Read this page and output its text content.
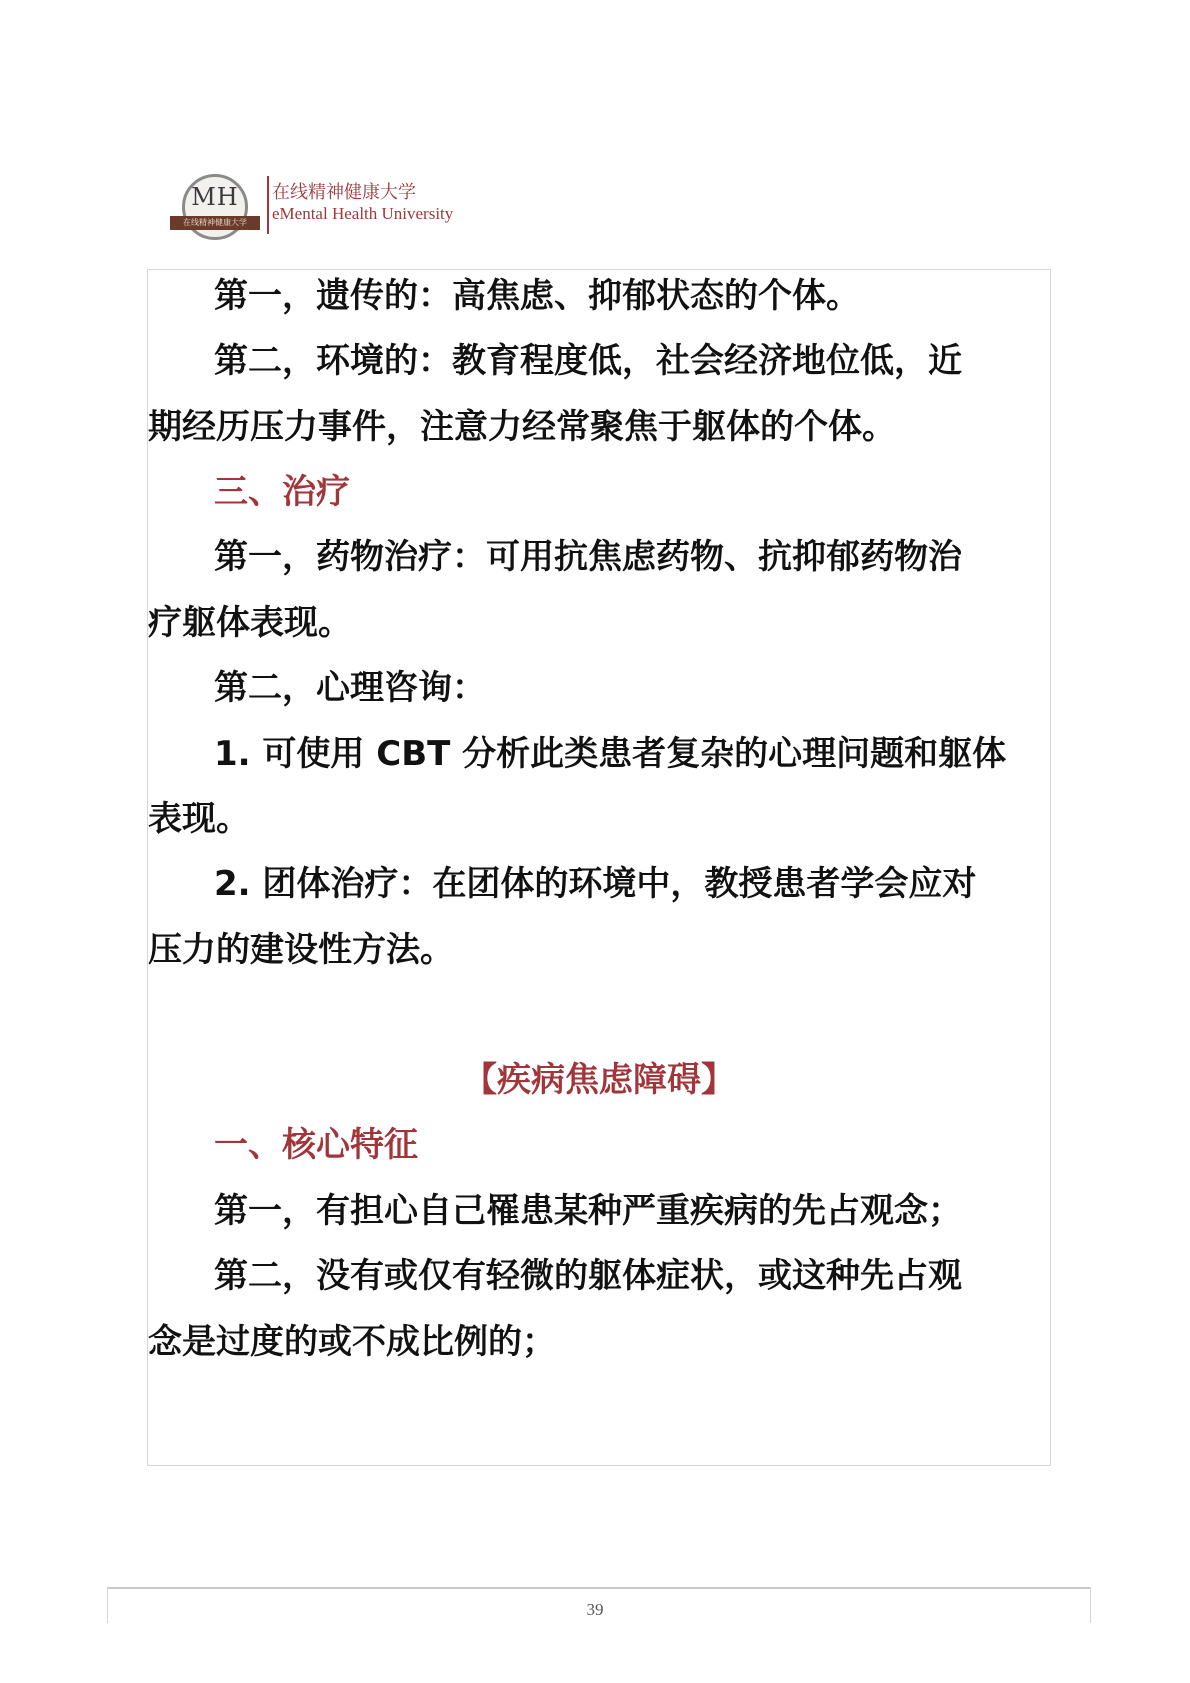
MH
在线精神健康大学
在线精神健康大学
eMental Health University
第一，遗传的：高焦虑、抑郁状态的个体。
第二，环境的：教育程度低，社会经济地位低，近
期经历压力事件，注意力经常聚焦于躯体的个体。
三、治疗
第一，药物治疗：可用抗焦虑药物、抗抑郁药物治
疗躯体表现。
第二，心理咨询：
1. 可使用 CBT 分析此类患者复杂的心理问题和躯体
表现。
2. 团体治疗：在团体的环境中，教授患者学会应对
压力的建设性方法。
【疾病焦虑障碍】
一、核心特征
第一，有担心自己罹患某种严重疾病的先占观念；
第二，没有或仅有轻微的躯体症状，或这种先占观
念是过度的或不成比例的；
39
